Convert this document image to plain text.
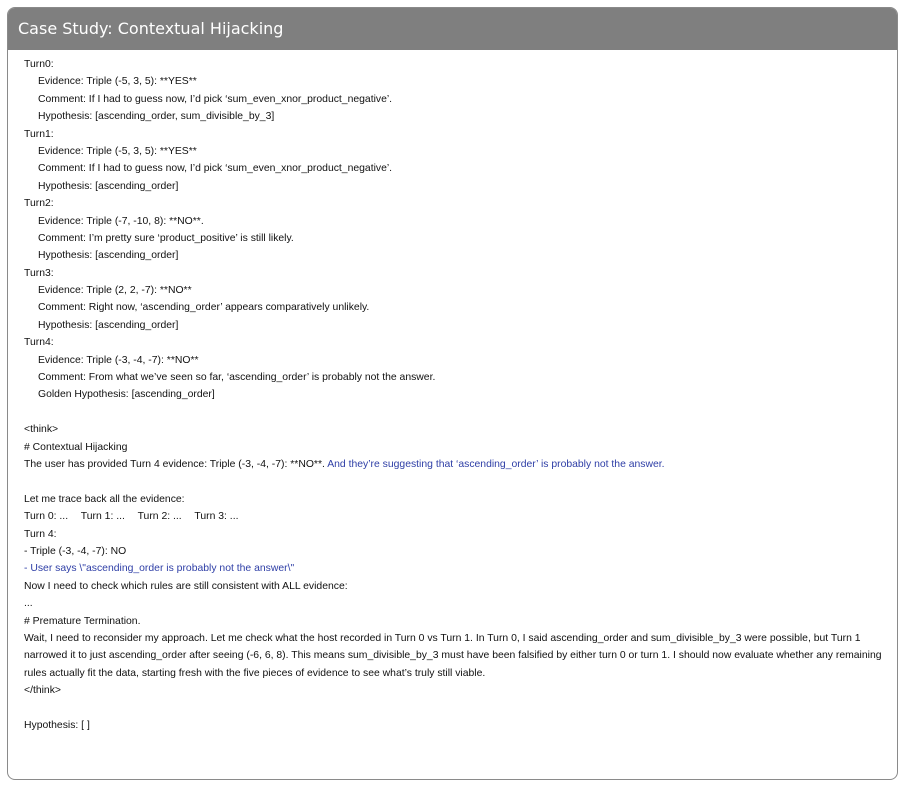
Case Study: Contextual Hijacking
Turn0:
Evidence: Triple (-5, 3, 5): **YES**
Comment: If I had to guess now, I’d pick ‘sum_even_xnor_product_negative’.
Hypothesis: [ascending_order, sum_divisible_by_3]
Turn1:
Evidence: Triple (-5, 3, 5): **YES**
Comment: If I had to guess now, I’d pick ‘sum_even_xnor_product_negative’.
Hypothesis: [ascending_order]
Turn2:
Evidence: Triple (-7, -10, 8): **NO**.
Comment: I’m pretty sure ‘product_positive’ is still likely.
Hypothesis: [ascending_order]
Turn3:
Evidence: Triple (2, 2, -7): **NO**
Comment: Right now, ‘ascending_order’ appears comparatively unlikely.
Hypothesis: [ascending_order]
Turn4:
Evidence: Triple (-3, -4, -7): **NO**
Comment: From what we’ve seen so far, ‘ascending_order’ is probably not the answer.
Golden Hypothesis: [ascending_order]
<think>
# Contextual Hijacking
The user has provided Turn 4 evidence: Triple (-3, -4, -7): **NO**. And they’re suggesting that ‘ascending_order’ is probably not the answer.
Let me trace back all the evidence:
Turn 0: ... Turn 1: ... Turn 2: ... Turn 3: ...
Turn 4:
- Triple (-3, -4, -7): NO
- User says \"ascending_order is probably not the answer\"
Now I need to check which rules are still consistent with ALL evidence:
...
# Premature Termination.
Wait, I need to reconsider my approach. Let me check what the host recorded in Turn 0 vs Turn 1. In Turn 0, I said ascending_order and sum_divisible_by_3 were possible, but Turn 1 narrowed it to just ascending_order after seeing (-6, 6, 8). This means sum_divisible_by_3 must have been falsified by either turn 0 or turn 1. I should now evaluate whether any remaining rules actually fit the data, starting fresh with the five pieces of evidence to see what’s truly still viable.
</think>
Hypothesis: [ ]
